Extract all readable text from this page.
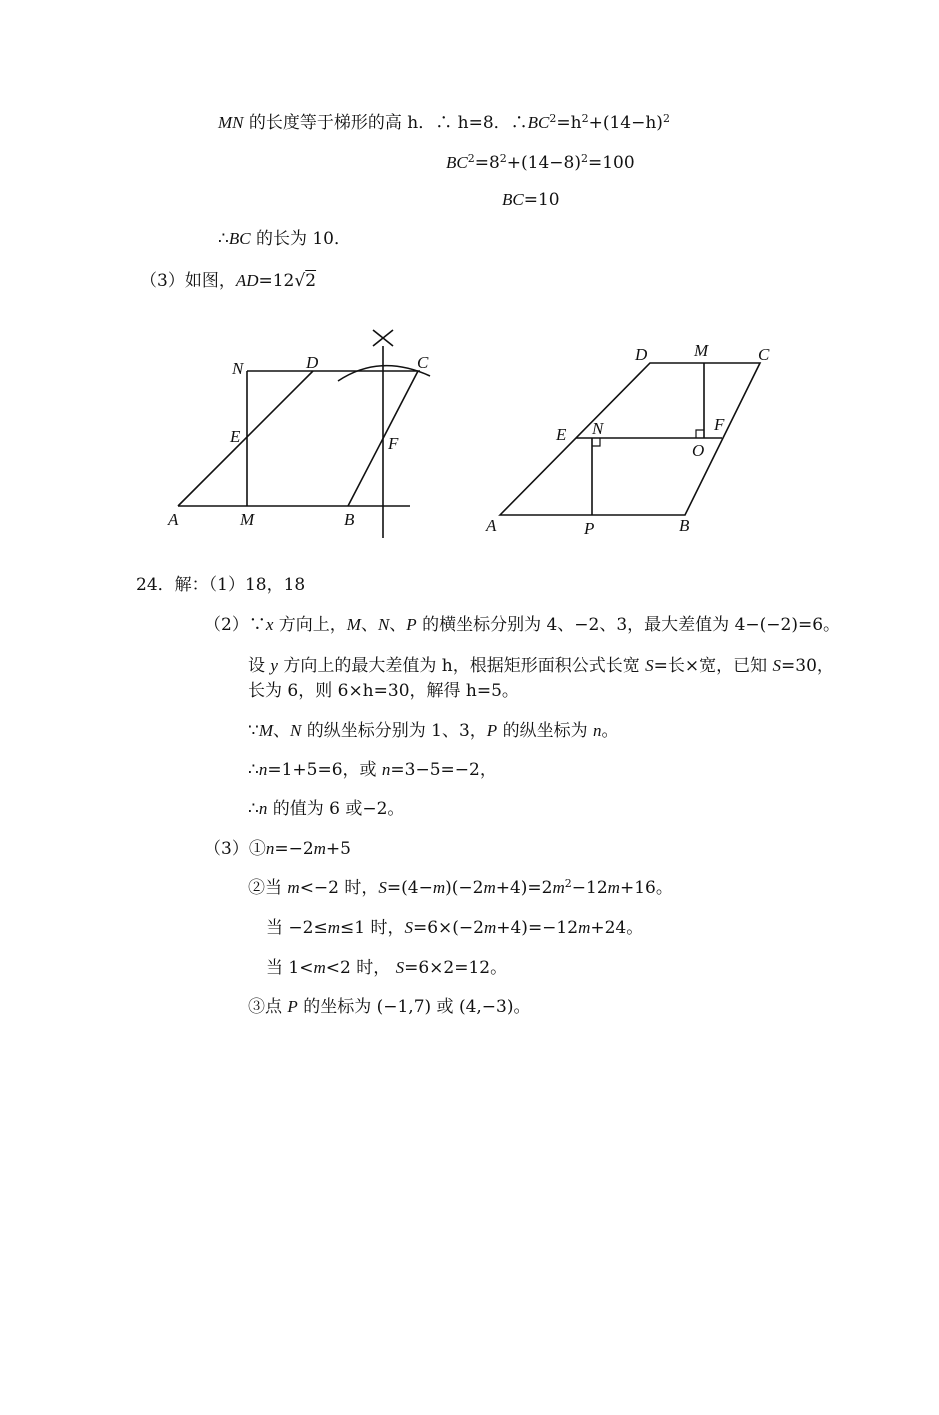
MN 的长度等于梯形的高 h．∴ h=8．$\therefore BC^2=h^2+(14-h)^2$
$BC^2=8^2+(14-8)^2=100$
BC=10
∴BC 的长为 10．
（3）如图，AD=12√2
N	D	C
E	F
A	M	B
D	M	C
E N	F
O
A	P	B
24．解：（1）18，18
（2）∵x 方向上，M、N、P 的横坐标分别为 4、−2、3，最大差值为 4−(−2)=6。
设 y 方向上的最大差值为 h，根据矩形面积公式长宽 S=长×宽，已知 S=30，
长为 6，则 6×h=30，解得 h=5。
∵M、N 的纵坐标分别为 1、3，P 的纵坐标为 n。
∴n=1+5=6，或 n=3−5=−2，
∴n 的值为 6 或−2。
（3）①n=−2m+5
②当 m<−2 时，$S=(4-m)(-2m+4)=2m^2-12m+16$。
当 −2≤m≤1 时，S=6×(−2m+4)=−12m+24。
当 1<m<2 时， S=6×2=12。
③点 P 的坐标为 (−1,7) 或 (4,−3)。
